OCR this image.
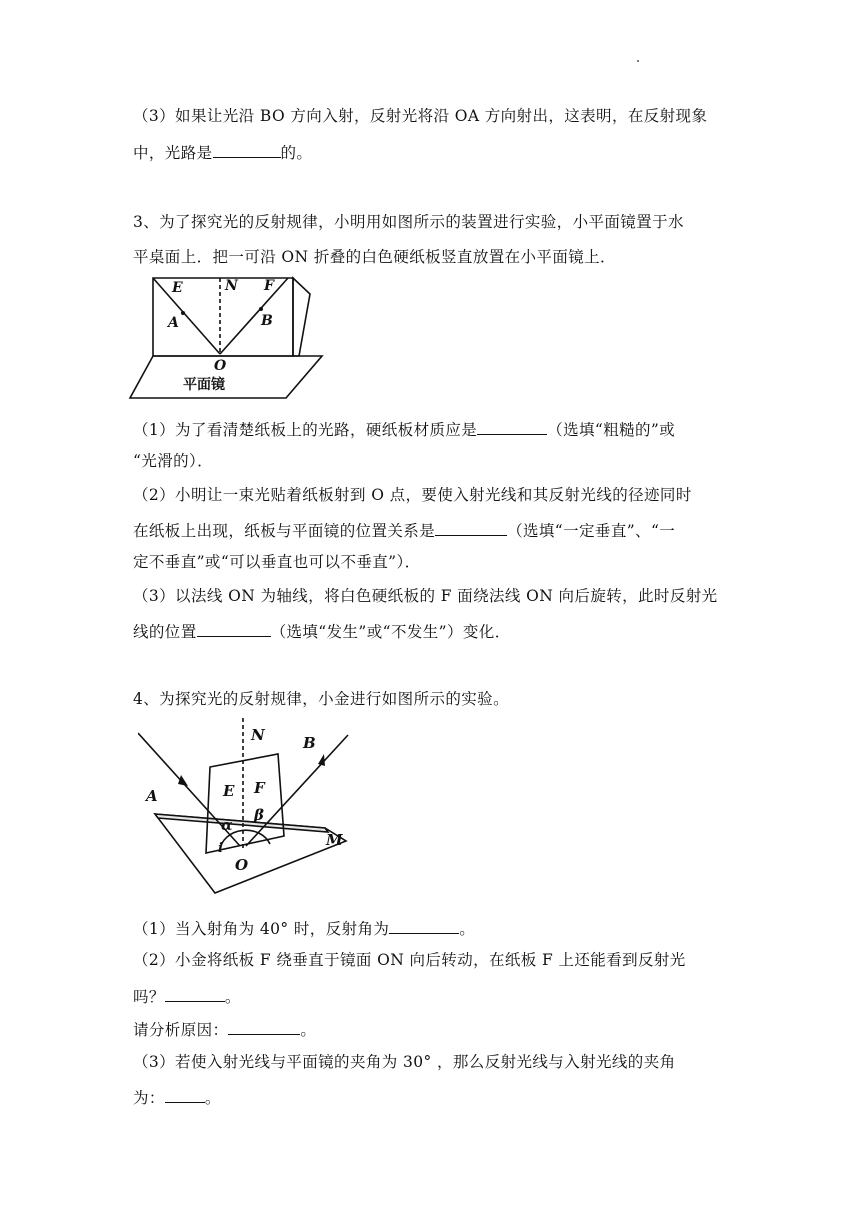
（3）如果让光沿 BO 方向入射，反射光将沿 OA 方向射出，这表明，在反射现象
中，光路是	的。
3、为了探究光的反射规律，小明用如图所示的装置进行实验，小平面镜置于水
平桌面上．把一可沿 ON 折叠的白色硬纸板竖直放置在小平面镜上．
E	N F
A	B
O
平面镜
（1）为了看清楚纸板上的光路，硬纸板材质应是	（选填“粗糙的”或
“光滑的）．
（2）小明让一束光贴着纸板射到 O 点，要使入射光线和其反射光线的径迹同时
在纸板上出现，纸板与平面镜的位置关系是	（选填“一定垂直”、“一
定不垂直”或“可以垂直也可以不垂直”）．
（3）以法线 ON 为轴线，将白色硬纸板的 F 面绕法线 ON 向后旋转，此时反射光
线的位置	（选填“发生”或“不发生”）变化．
4、为探究光的反射规律，小金进行如图所示的实验。
N	B
A	E F
α
β
i
O
M
（1）当入射角为 40° 时，反射角为	。
（2）小金将纸板 F 绕垂直于镜面 ON 向后转动，在纸板 F 上还能看到反射光
吗？	。
请分析原因：	。
（3）若使入射光线与平面镜的夹角为 30° ，那么反射光线与入射光线的夹角
为：	。
